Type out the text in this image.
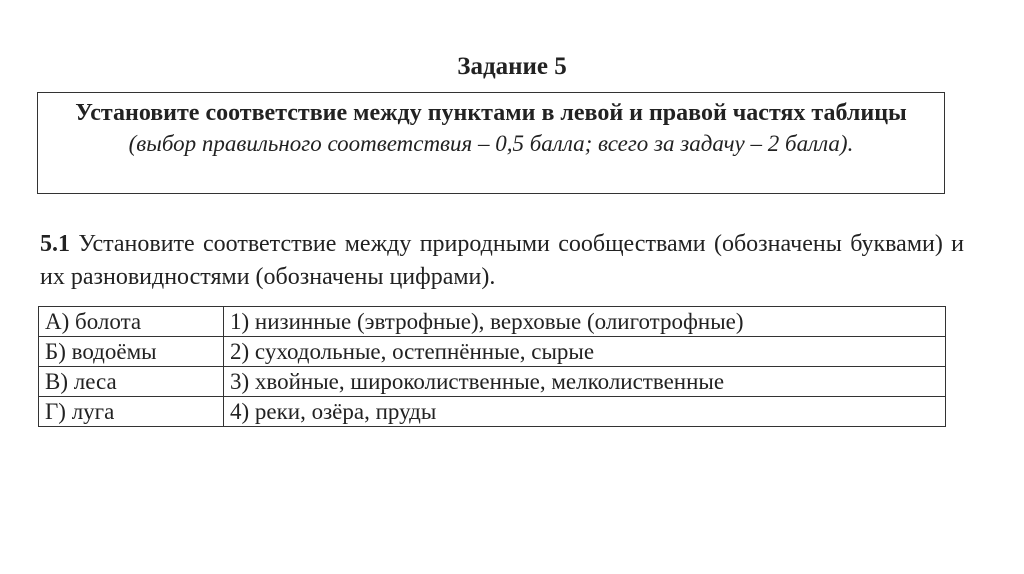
Задание 5
Установите соответствие между пунктами в левой и правой частях таблицы
(выбор правильного соответствия – 0,5 балла; всего за задачу – 2 балла).
5.1 Установите соответствие между природными сообществами (обозначены буквами) и их разновидностями (обозначены цифрами).
А) болота	1) низинные (эвтрофные), верховые (олиготрофные)
Б) водоёмы	2) суходольные, остепнённые, сырые
В) леса	3) хвойные, широколиственные, мелколиственные
Г) луга	4) реки, озёра, пруды
